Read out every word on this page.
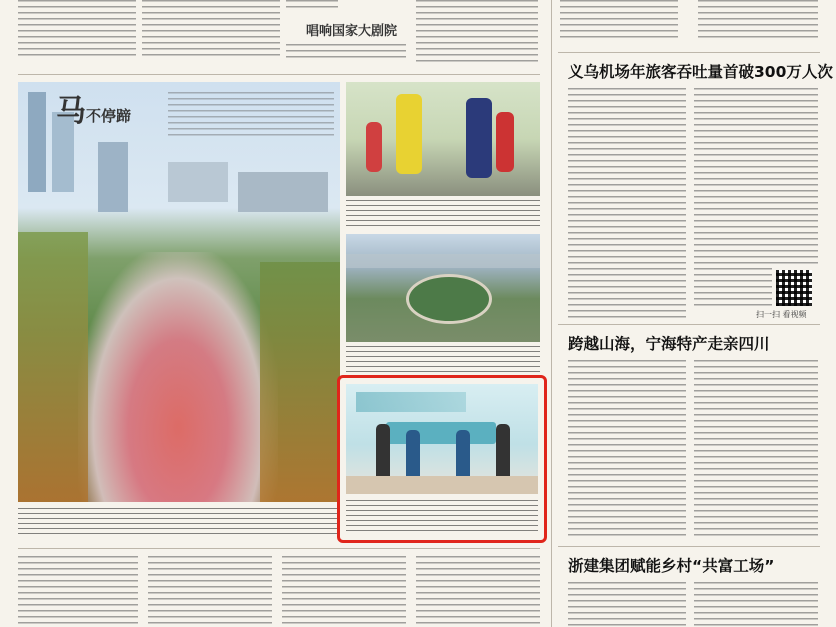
唱响国家大剧院
马不停蹄
义乌机场年旅客吞吐量首破300万人次
扫一扫 看视频
跨越山海，宁海特产走亲四川
浙建集团赋能乡村“共富工场”
